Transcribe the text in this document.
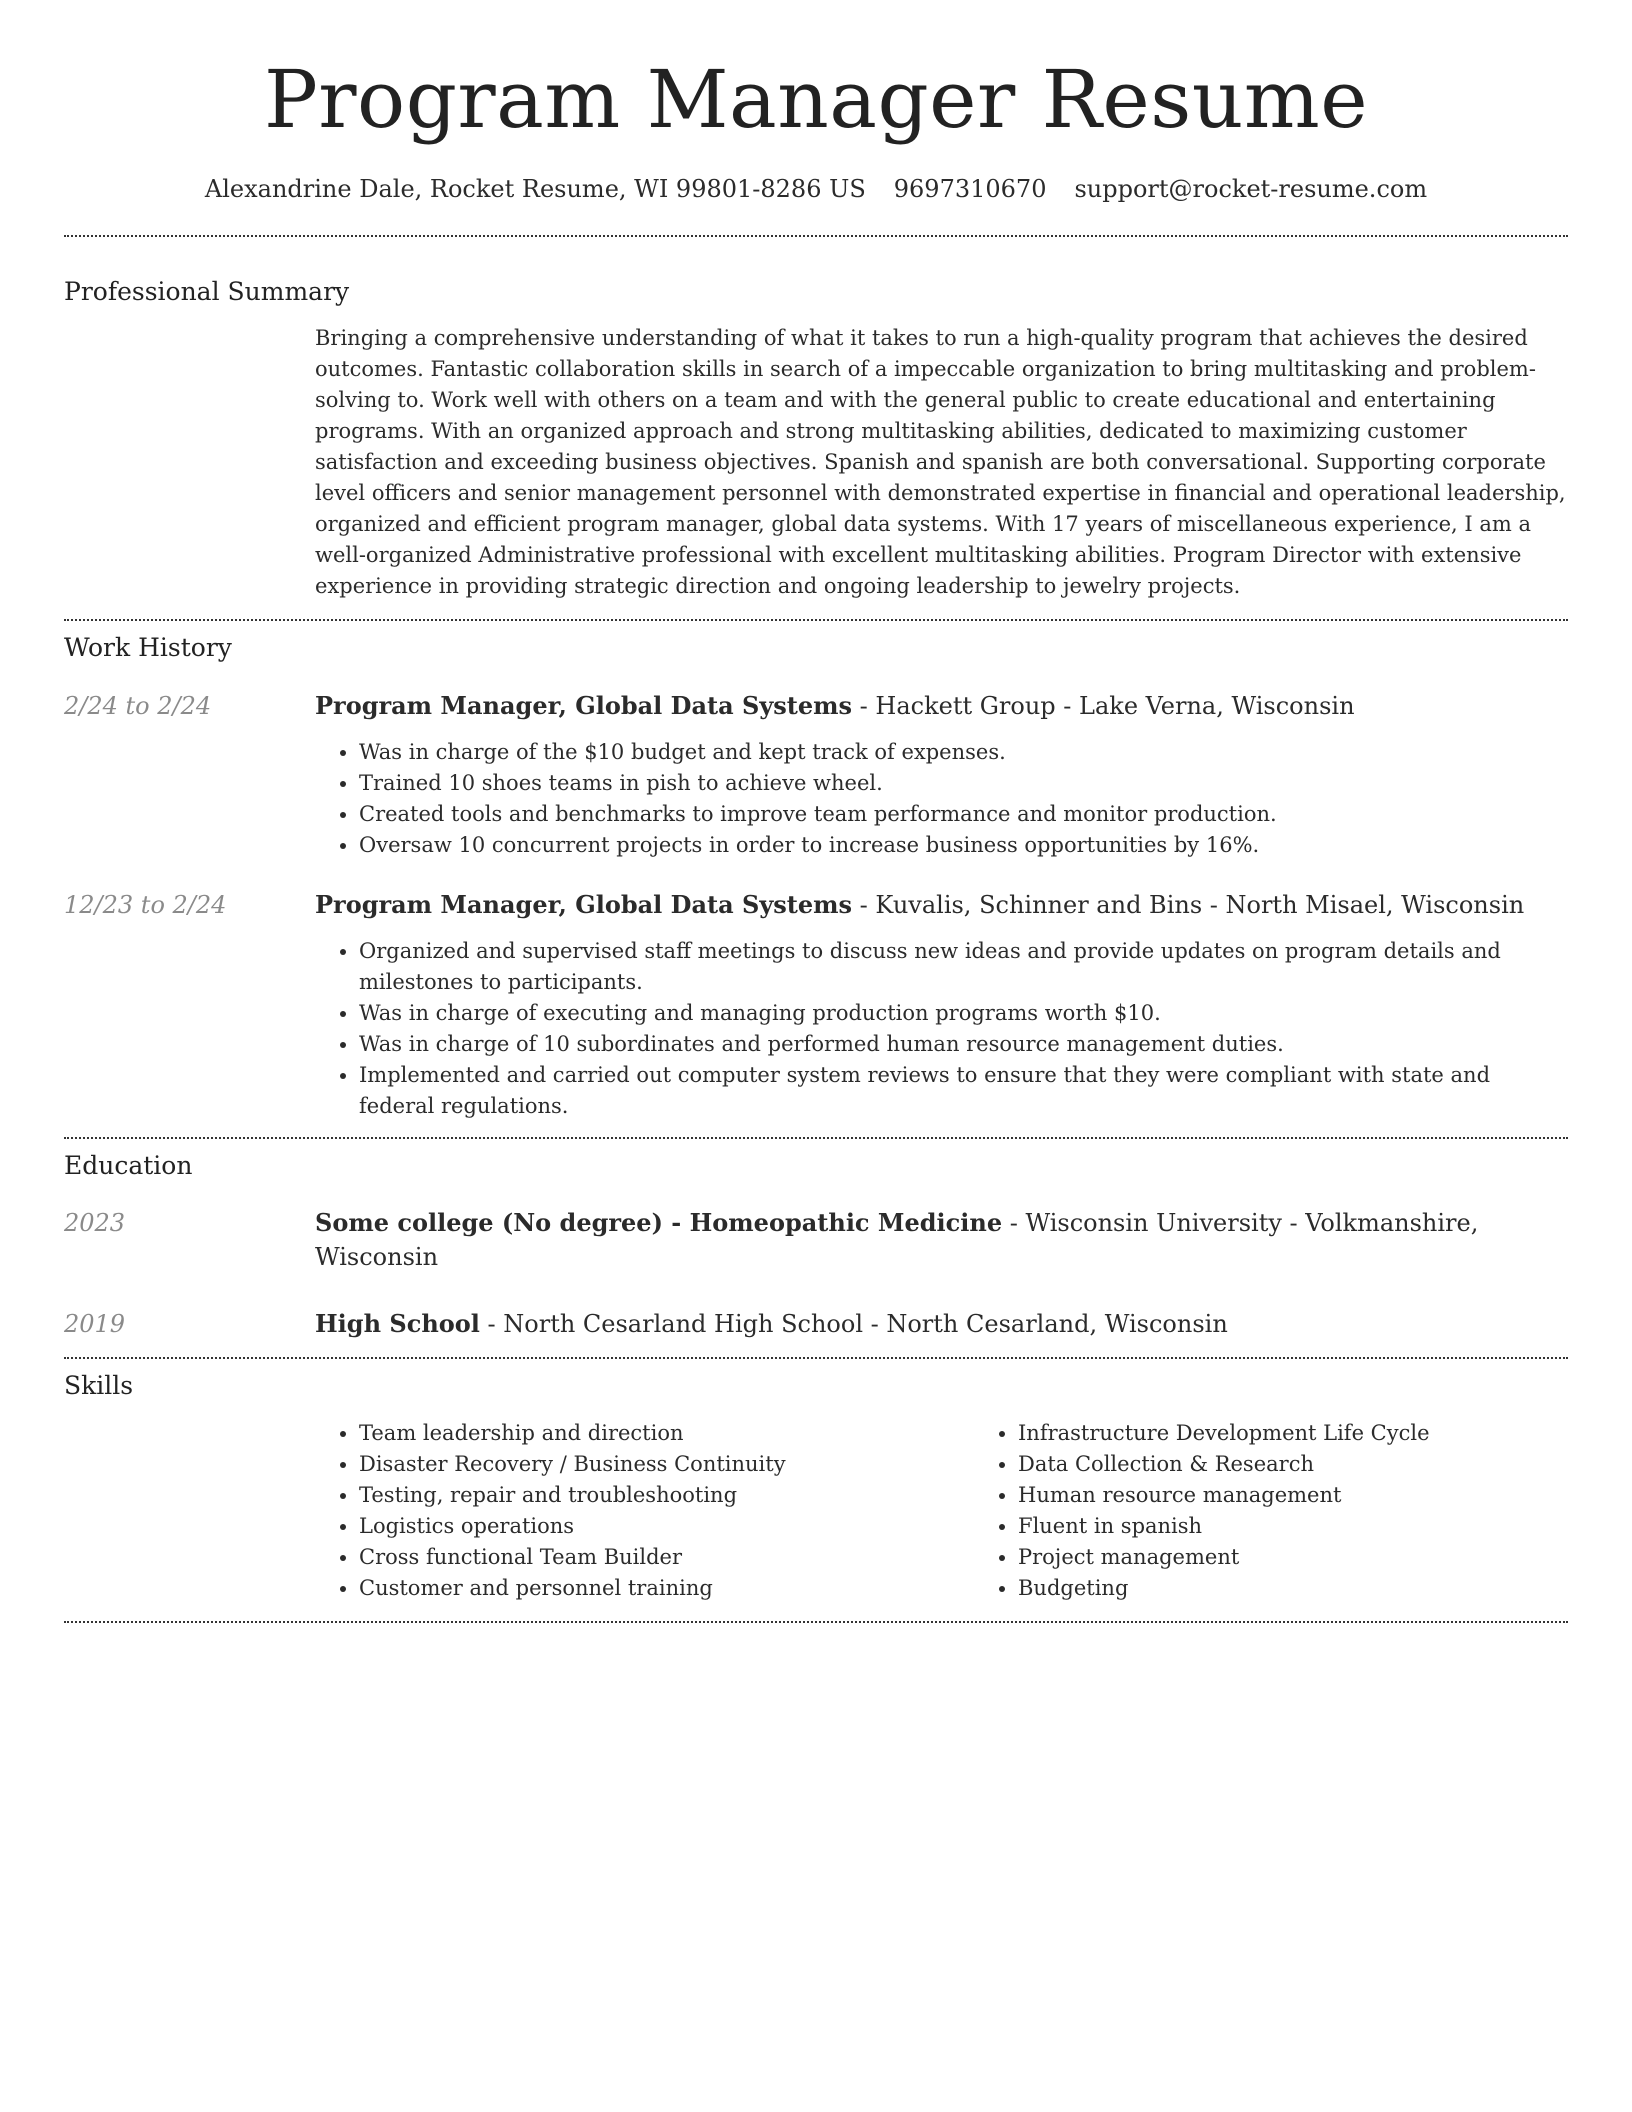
Program Manager Resume
Alexandrine Dale, Rocket Resume, WI 99801-8286 US 9697310670 support@rocket-resume.com
Professional Summary

Bringing a comprehensive understanding of what it takes to run a high-quality program that achieves the desired outcomes. Fantastic collaboration skills in search of a impeccable organization to bring multitasking and problem-solving to. Work well with others on a team and with the general public to create educational and entertaining programs. With an organized approach and strong multitasking abilities, dedicated to maximizing customer satisfaction and exceeding business objectives. Spanish and spanish are both conversational. Supporting corporate level officers and senior management personnel with demonstrated expertise in financial and operational leadership, organized and efficient program manager, global data systems. With 17 years of miscellaneous experience, I am a well-organized Administrative professional with excellent multitasking abilities. Program Director with extensive experience in providing strategic direction and ongoing leadership to jewelry projects.

Work History
2/24 to 2/24	Program Manager, Global Data Systems - Hackett Group - Lake Verna, Wisconsin
• Was in charge of the $10 budget and kept track of expenses.
• Trained 10 shoes teams in pish to achieve wheel.
• Created tools and benchmarks to improve team performance and monitor production.
• Oversaw 10 concurrent projects in order to increase business opportunities by 16%.
12/23 to 2/24	Program Manager, Global Data Systems - Kuvalis, Schinner and Bins - North Misael, Wisconsin
• Organized and supervised staff meetings to discuss new ideas and provide updates on program details and milestones to participants.
• Was in charge of executing and managing production programs worth $10.
• Was in charge of 10 subordinates and performed human resource management duties.
• Implemented and carried out computer system reviews to ensure that they were compliant with state and federal regulations.
Education
2023	Some college (No degree) - Homeopathic Medicine - Wisconsin University - Volkmanshire, Wisconsin
2019	High School - North Cesarland High School - North Cesarland, Wisconsin
Skills
• Team leadership and direction
• Disaster Recovery / Business Continuity
• Testing, repair and troubleshooting
• Logistics operations
• Cross functional Team Builder
• Customer and personnel training
• Infrastructure Development Life Cycle
• Data Collection & Research
• Human resource management
• Fluent in spanish
• Project management
• Budgeting
